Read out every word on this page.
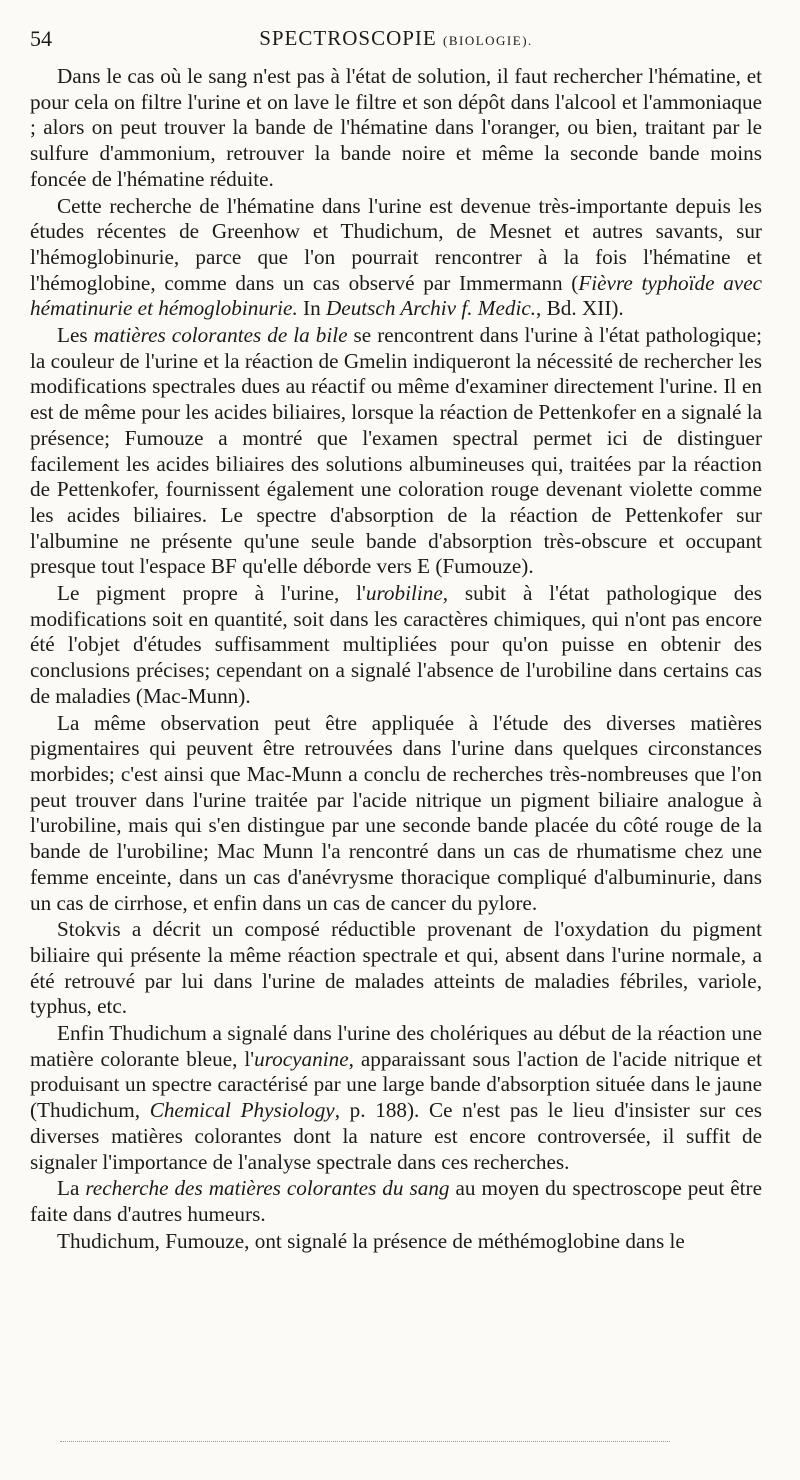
54	SPECTROSCOPIE (BIOLOGIE).

Dans le cas où le sang n'est pas à l'état de solution, il faut rechercher l'hématine, et pour cela on filtre l'urine et on lave le filtre et son dépôt dans l'alcool et l'ammoniaque ; alors on peut trouver la bande de l'hématine dans l'oranger, ou bien, traitant par le sulfure d'ammonium, retrouver la bande noire et même la seconde bande moins foncée de l'hématine réduite.

Cette recherche de l'hématine dans l'urine est devenue très-importante depuis les études récentes de Greenhow et Thudichum, de Mesnet et autres savants, sur l'hémoglobinurie, parce que l'on pourrait rencontrer à la fois l'hématine et l'hémoglobine, comme dans un cas observé par Immermann (Fièvre typhoïde avec hématinurie et hémoglobinurie. In Deutsch Archiv f. Medic., Bd. XII).

Les matières colorantes de la bile se rencontrent dans l'urine à l'état pathologique; la couleur de l'urine et la réaction de Gmelin indiqueront la nécessité de rechercher les modifications spectrales dues au réactif ou même d'examiner directement l'urine. Il en est de même pour les acides biliaires, lorsque la réaction de Pettenkofer en a signalé la présence; Fumouze a montré que l'examen spectral permet ici de distinguer facilement les acides biliaires des solutions albumineuses qui, traitées par la réaction de Pettenkofer, fournissent également une coloration rouge devenant violette comme les acides biliaires. Le spectre d'absorption de la réaction de Pettenkofer sur l'albumine ne présente qu'une seule bande d'absorption très-obscure et occupant presque tout l'espace BF qu'elle déborde vers E (Fumouze).

Le pigment propre à l'urine, l'urobiline, subit à l'état pathologique des modifications soit en quantité, soit dans les caractères chimiques, qui n'ont pas encore été l'objet d'études suffisamment multipliées pour qu'on puisse en obtenir des conclusions précises; cependant on a signalé l'absence de l'urobiline dans certains cas de maladies (Mac-Munn).

La même observation peut être appliquée à l'étude des diverses matières pigmentaires qui peuvent être retrouvées dans l'urine dans quelques circonstances morbides; c'est ainsi que Mac-Munn a conclu de recherches très-nombreuses que l'on peut trouver dans l'urine traitée par l'acide nitrique un pigment biliaire analogue à l'urobiline, mais qui s'en distingue par une seconde bande placée du côté rouge de la bande de l'urobiline; Mac Munn l'a rencontré dans un cas de rhumatisme chez une femme enceinte, dans un cas d'anévrysme thoracique compliqué d'albuminurie, dans un cas de cirrhose, et enfin dans un cas de cancer du pylore.

Stokvis a décrit un composé réductible provenant de l'oxydation du pigment biliaire qui présente la même réaction spectrale et qui, absent dans l'urine normale, a été retrouvé par lui dans l'urine de malades atteints de maladies fébriles, variole, typhus, etc.

Enfin Thudichum a signalé dans l'urine des cholériques au début de la réaction une matière colorante bleue, l'urocyanine, apparaissant sous l'action de l'acide nitrique et produisant un spectre caractérisé par une large bande d'absorption située dans le jaune (Thudichum, Chemical Physiology, p. 188). Ce n'est pas le lieu d'insister sur ces diverses matières colorantes dont la nature est encore controversée, il suffit de signaler l'importance de l'analyse spectrale dans ces recherches.

La recherche des matières colorantes du sang au moyen du spectroscope peut être faite dans d'autres humeurs.

Thudichum, Fumouze, ont signalé la présence de méthémoglobine dans le
